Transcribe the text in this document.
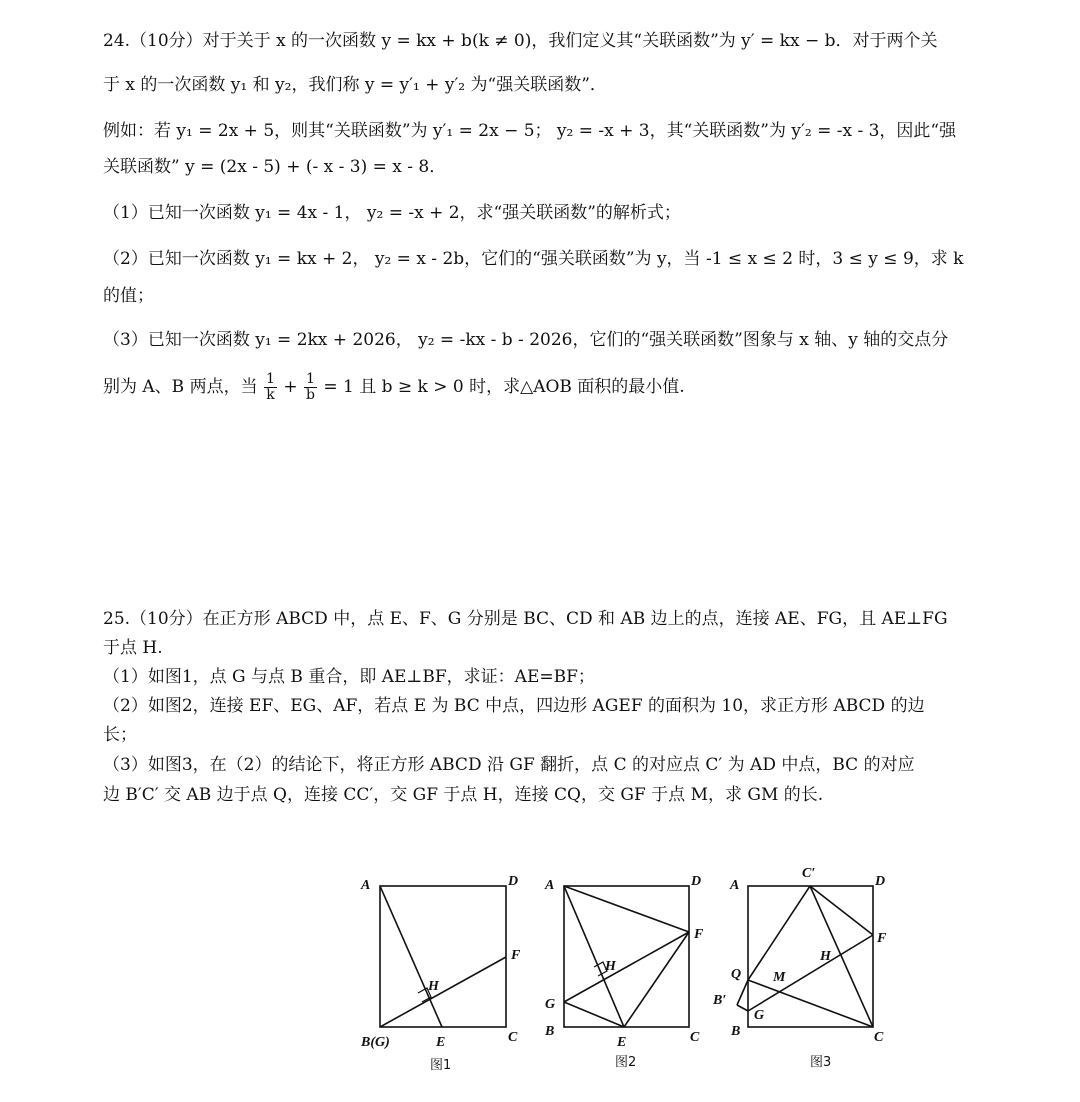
24.（10分）对于关于 x 的一次函数 y = kx + b(k ≠ 0)，我们定义其“关联函数”为 y′ = kx − b．对于两个关
于 x 的一次函数 y₁ 和 y₂，我们称 y = y′₁ + y′₂ 为“强关联函数”．
例如：若 y₁ = 2x + 5，则其“关联函数”为 y′₁ = 2x − 5； y₂ = -x + 3，其“关联函数”为 y′₂ = -x - 3，因此“强
关联函数” y = (2x - 5) + (- x - 3) = x - 8．
（1）已知一次函数 y₁ = 4x - 1， y₂ = -x + 2，求“强关联函数”的解析式；
（2）已知一次函数 y₁ = kx + 2， y₂ = x - 2b，它们的“强关联函数”为 y，当 -1 ≤ x ≤ 2 时，3 ≤ y ≤ 9，求 k
的值；
（3）已知一次函数 y₁ = 2kx + 2026， y₂ = -kx - b - 2026，它们的“强关联函数”图象与 x 轴、y 轴的交点分
别为 A、B 两点，当 $\frac{1}{k} + \frac{1}{b} = 1$ 且 b ≥ k > 0 时，求△AOB 面积的最小值.
25.（10分）在正方形 ABCD 中，点 E、F、G 分别是 BC、CD 和 AB 边上的点，连接 AE、FG，且 AE⊥FG
于点 H.
（1）如图1，点 G 与点 B 重合，即 AE⊥BF，求证：AE=BF；
（2）如图2，连接 EF、EG、AF，若点 E 为 BC 中点，四边形 AGEF 的面积为 10，求正方形 ABCD 的边
长；
（3）如图3，在（2）的结论下，将正方形 ABCD 沿 GF 翻折，点 C 的对应点 C′ 为 AD 中点，BC 的对应
边 B′C′ 交 AB 边于点 Q，连接 CC′，交 GF 于点 H，连接 CQ，交 GF 于点 M，求 GM 的长.
A	D
F
H
B(G)	E	C
图1
A	D
F
H
G
B
E	C
图2
A
C′
D
F
H
Q M
B′
G
B	C
图3
